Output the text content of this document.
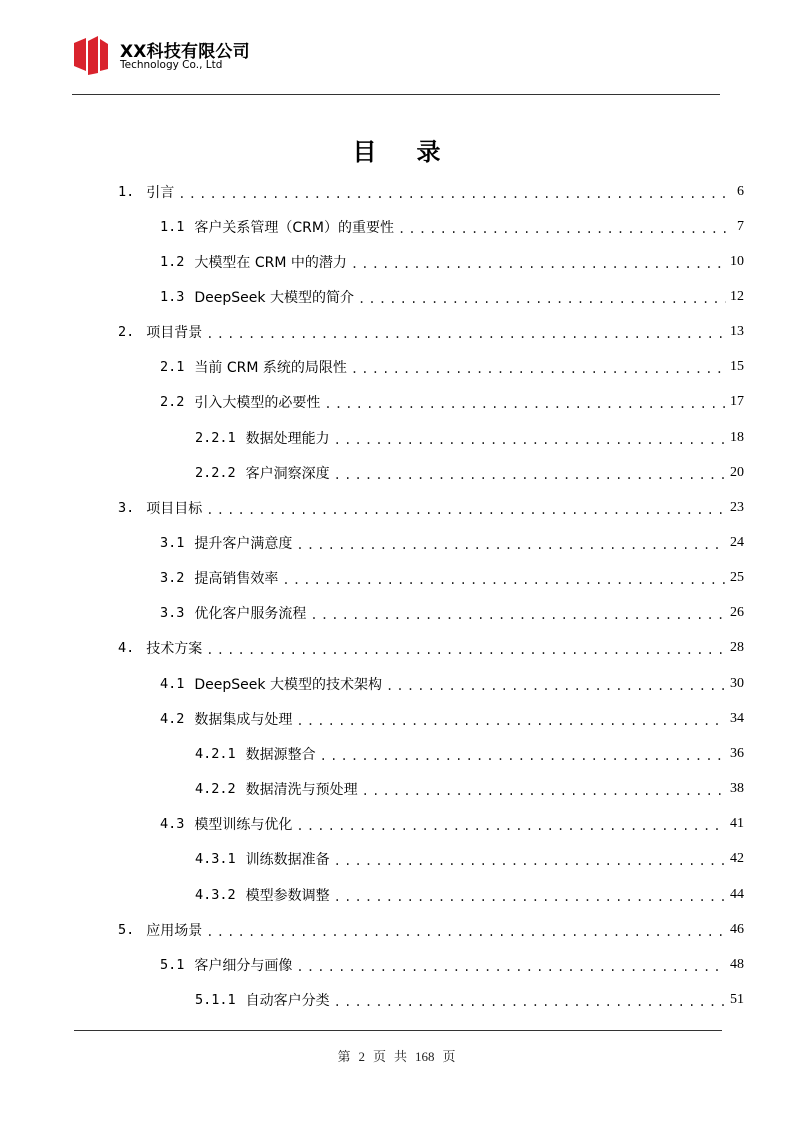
XX科技有限公司
Technology Co., Ltd
目录
1. 引言 .....	6
1.1 客户关系管理（CRM）的重要性 .....	7
1.2 大模型在 CRM 中的潜力 .....	10
1.3 DeepSeek 大模型的简介 .....	12
2. 项目背景 .....	13
2.1 当前 CRM 系统的局限性 .....	15
2.2 引入大模型的必要性 .....	17
2.2.1 数据处理能力 .....	18
2.2.2 客户洞察深度 .....	20
3. 项目目标 .....	23
3.1 提升客户满意度 .....	24
3.2 提高销售效率 .....	25
3.3 优化客户服务流程 .....	26
4. 技术方案 .....	28
4.1 DeepSeek 大模型的技术架构 .....	30
4.2 数据集成与处理 .....	34
4.2.1 数据源整合 .....	36
4.2.2 数据清洗与预处理 .....	38
4.3 模型训练与优化 .....	41
4.3.1 训练数据准备 .....	42
4.3.2 模型参数调整 .....	44
5. 应用场景 .....	46
5.1 客户细分与画像 .....	48
5.1.1 自动客户分类 .....	51
第 2 页 共 168 页
